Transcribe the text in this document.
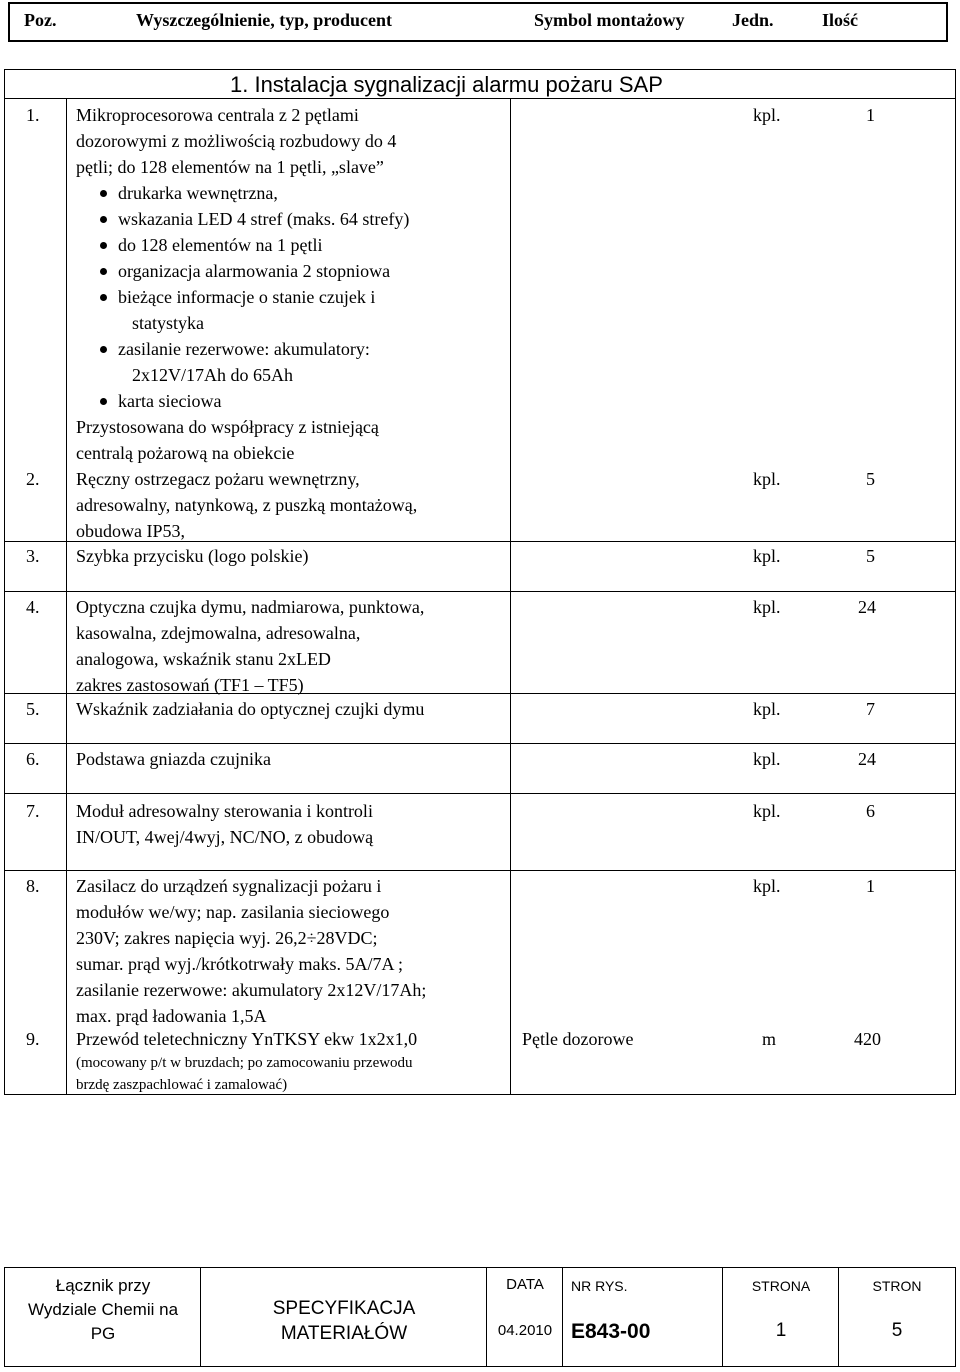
Poz.	Wyszczególnienie, typ, producent	Symbol montażowy	Jedn.	Ilość
1. Instalacja sygnalizacji alarmu pożaru SAP
1. Mikroprocesorowa centrala z 2 pętlami
dozorowymi z możliwością rozbudowy do 4
pętli; do 128 elementów na 1 pętli, „slave”
drukarka wewnętrzna,
wskazania LED 4 stref (maks. 64 strefy)
do 128 elementów na 1 pętli
organizacja alarmowania 2 stopniowa
bieżące informacje o stanie czujek i
statystyka
zasilanie rezerwowe: akumulatory:
2x12V/17Ah do 65Ah
karta sieciowa
Przystosowana do współpracy z istniejącą
centralą pożarową na obiekcie
kpl.	1
2. Ręczny ostrzegacz pożaru wewnętrzny,
adresowalny, natynkową, z puszką montażową,
obudowa IP53,
kpl.	5
3. Szybka przycisku (logo polskie)	kpl.	5
4. Optyczna czujka dymu, nadmiarowa, punktowa,
kasowalna, zdejmowalna, adresowalna,
analogowa, wskaźnik stanu 2xLED
zakres zastosowań (TF1 – TF5)
kpl.	24
5. Wskaźnik zadziałania do optycznej czujki dymu	kpl.	7
6. Podstawa gniazda czujnika	kpl.	24
7. Moduł adresowalny sterowania i kontroli
IN/OUT, 4wej/4wyj, NC/NO, z obudową
kpl.	6
8. Zasilacz do urządzeń sygnalizacji pożaru i
modułów we/wy; nap. zasilania sieciowego
230V; zakres napięcia wyj. 26,2÷28VDC;
sumar. prąd wyj./krótkotrwały maks. 5A/7A ;
zasilanie rezerwowe: akumulatory 2x12V/17Ah;
max. prąd ładowania 1,5A
kpl.	1
9. Przewód teletechniczny YnTKSY ekw 1x2x1,0
(mocowany p/t w bruzdach; po zamocowaniu przewodu
brzdę zaszpachlować i zamalować)
Pętle dozorowe	m	420
Łącznik przy
Wydziale Chemii na
PG
SPECYFIKACJA
MATERIAŁÓW
DATA
04.2010
NR RYS.
E843-00
STRONA
1
STRON
5
